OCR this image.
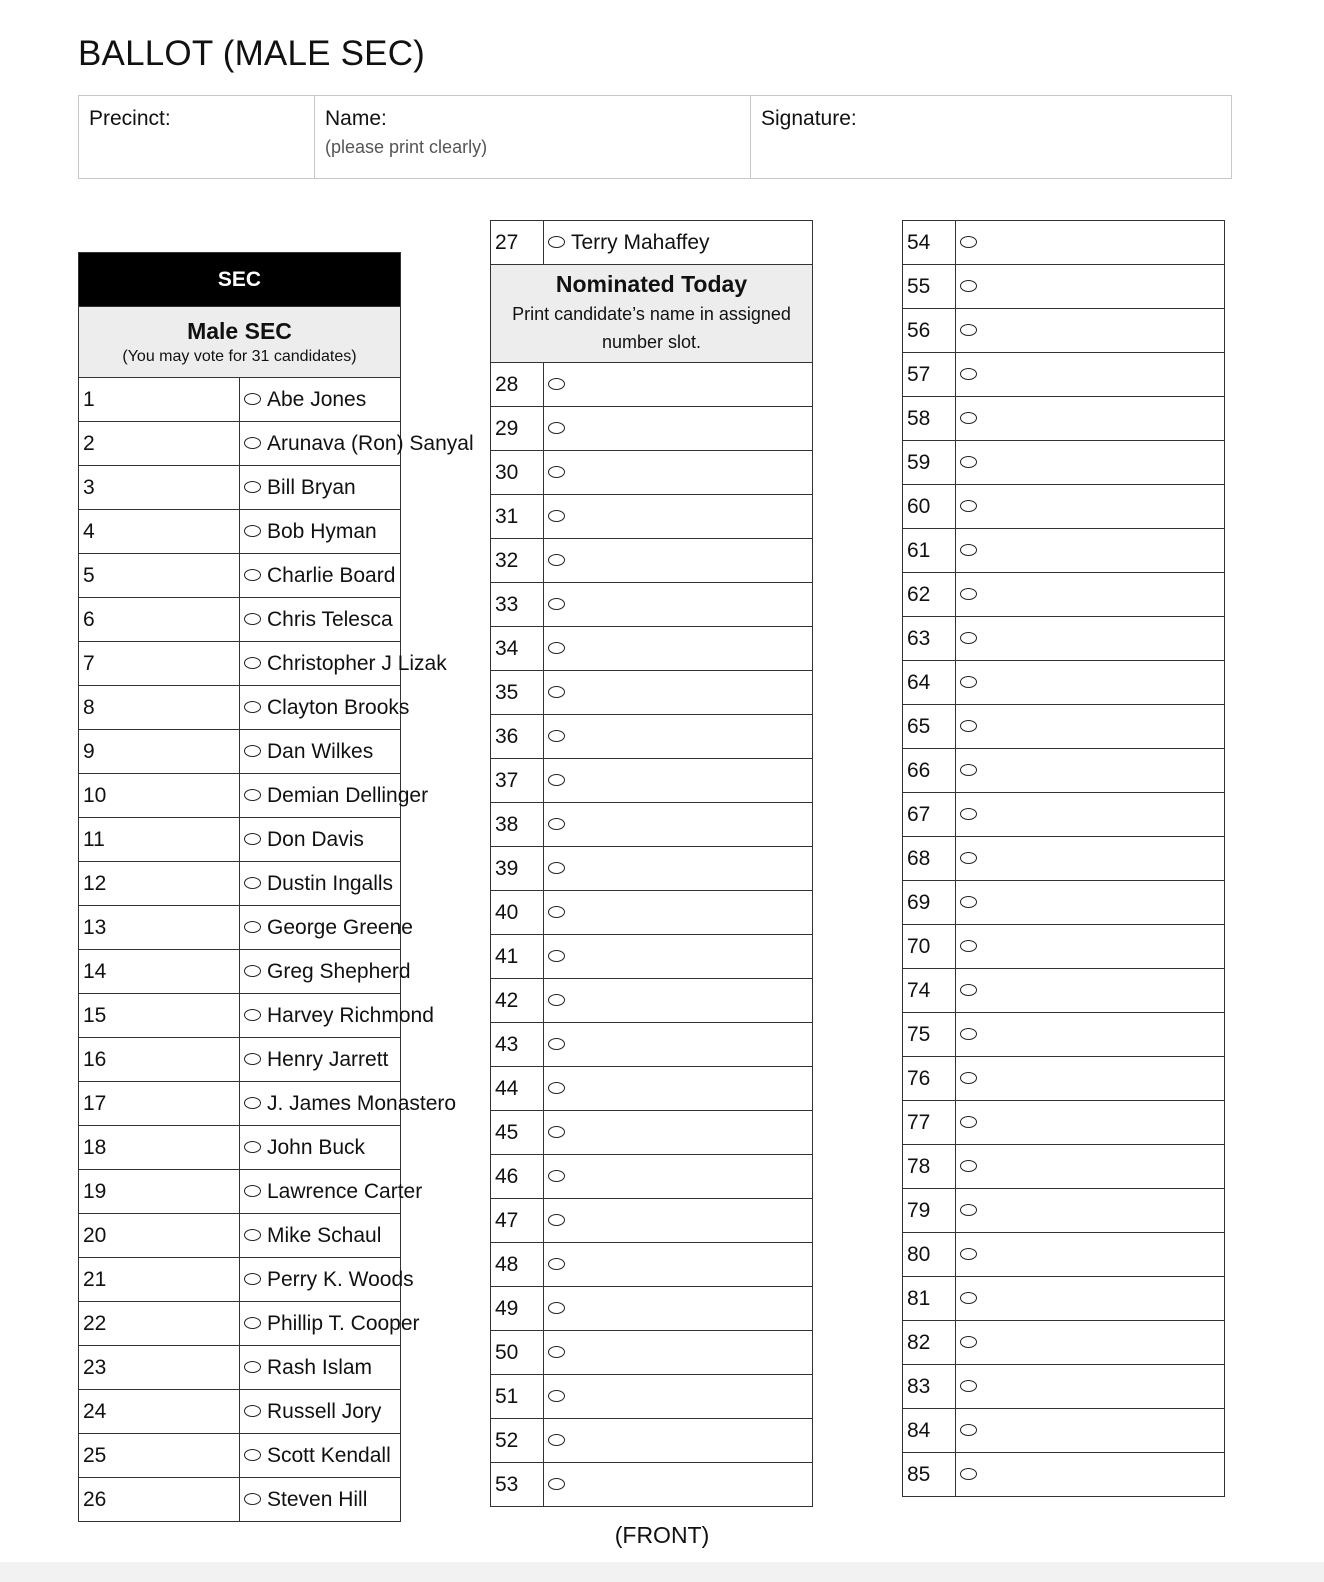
BALLOT (MALE SEC)
Precinct:	Name:
(please print clearly)
Signature:
SEC	

Male SEC
(You may vote for 31 candidates)	

1	Abe Jones
2	Arunava (Ron) Sanyal
3	Bill Bryan
4	Bob Hyman
5	Charlie Board
6	Chris Telesca
7	Christopher J Lizak
8	Clayton Brooks
9	Dan Wilkes
10	Demian Dellinger
11	Don Davis
12	Dustin Ingalls
13	George Greene
14	Greg Shepherd
15	Harvey Richmond
16	Henry Jarrett
17	J. James Monastero
18	John Buck
19	Lawrence Carter
20	Mike Schaul
21	Perry K. Woods
22	Phillip T. Cooper
23	Rash Islam
24	Russell Jory
25	Scott Kendall
26	Steven Hill
27	Terry Mahaffey

Nominated Today
Print candidate’s name in assigned number slot.	

28	
29	
30	
31	
32	
33	
34	
35	
36	
37	
38	
39	
40	
41	
42	
43	
44	
45	
46	
47	
48	
49	
50	
51	
52	
53	
54	
55	
56	
57	
58	
59	
60	
61	
62	
63	
64	
65	
66	
67	
68	
69	
70	
74	
75	
76	
77	
78	
79	
80	
81	
82	
83	
84	
85	
(FRONT)
